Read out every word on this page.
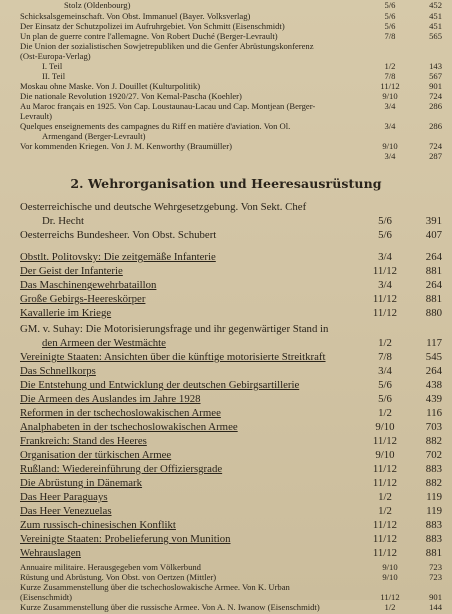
Stolz (Oldenbourg)	5/6	452
Schicksalsgemeinschaft. Von Obst. Immanuel (Bayer. Volksverlag)	5/6	451
Der Einsatz der Schutzpolizei im Aufruhrgebiet. Von Schmitt (Eisenschmidt)	5/6	451
Un plan de guerre contre l'allemagne. Von Robert Duché (Berger-Levrault)	7/8	565
Die Union der sozialistischen Sowjetrepubliken und die Genfer Abrüstungskonferenz
(Ost-Europa-Verlag)
I. Teil	1/2	143
II. Teil	7/8	567
Moskau ohne Maske. Von J. Douillet (Kulturpolitik)	11/12	901
Die nationale Revolution 1920/27. Von Kemal-Pascha (Koehler)	9/10	724
Au Maroc français en 1925. Von Cap. Loustaunau-Lacau und Cap. Montjean (Berger-	3/4	286
Levrault)
Quelques enseignements des campagnes du Riff en matière d'aviation. Von Ol.	3/4	286
Armengand (Berger-Levrault)
Vor kommenden Kriegen. Von J. M. Kenworthy (Braumüller)	9/10	724
3/4	287
Oesterreichische und deutsche Wehrgesetzgebung. Von Sekt. Chef
Dr. Hecht	5/6	391
Oesterreichs Bundesheer. Von Obst. Schubert	5/6	407
Obstlt. Politovsky: Die zeitgemäße Infanterie	3/4	264
Der Geist der Infanterie	11/12	881
Das Maschinengewehrbataillon	3/4	264
Große Gebirgs-Heereskörper	11/12	881
Kavallerie im Kriege	11/12	880
GM. v. Suhay: Die Motorisierungsfrage und ihr gegenwärtiger Stand in
den Armeen der Westmächte	1/2	117
Vereinigte Staaten: Ansichten über die künftige motorisierte Streitkraft	7/8	545
Das Schnellkorps	3/4	264
Die Entstehung und Entwicklung der deutschen Gebirgsartillerie	5/6	438
Die Armeen des Auslandes im Jahre 1928	5/6	439
Reformen in der tschechoslowakischen Armee	1/2	116
Analphabeten in der tschechoslowakischen Armee	9/10	703
Frankreich: Stand des Heeres	11/12	882
Organisation der türkischen Armee	9/10	702
Rußland: Wiedereinführung der Offiziersgrade	11/12	883
Die Abrüstung in Dänemark	11/12	882
Das Heer Paraguays	1/2	119
Das Heer Venezuelas	1/2	119
Zum russisch-chinesischen Konflikt	11/12	883
Vereinigte Staaten: Probelieferung von Munition	11/12	883
Wehrauslagen	11/12	881
Annuaire militaire. Herausgegeben vom Völkerbund	9/10	723
Rüstung und Abrüstung. Von Obst. von Oertzen (Mittler)	9/10	723
Kurze Zusammenstellung über die tschechoslowakische Armee. Von K. Urban
(Eisenschmidt)	11/12	901
Kurze Zusammenstellung über die russische Armee. Von A. N. Iwanow (Eisenschmidt)	1/2	144
2. Wehrorganisation und Heeresausrüstung
